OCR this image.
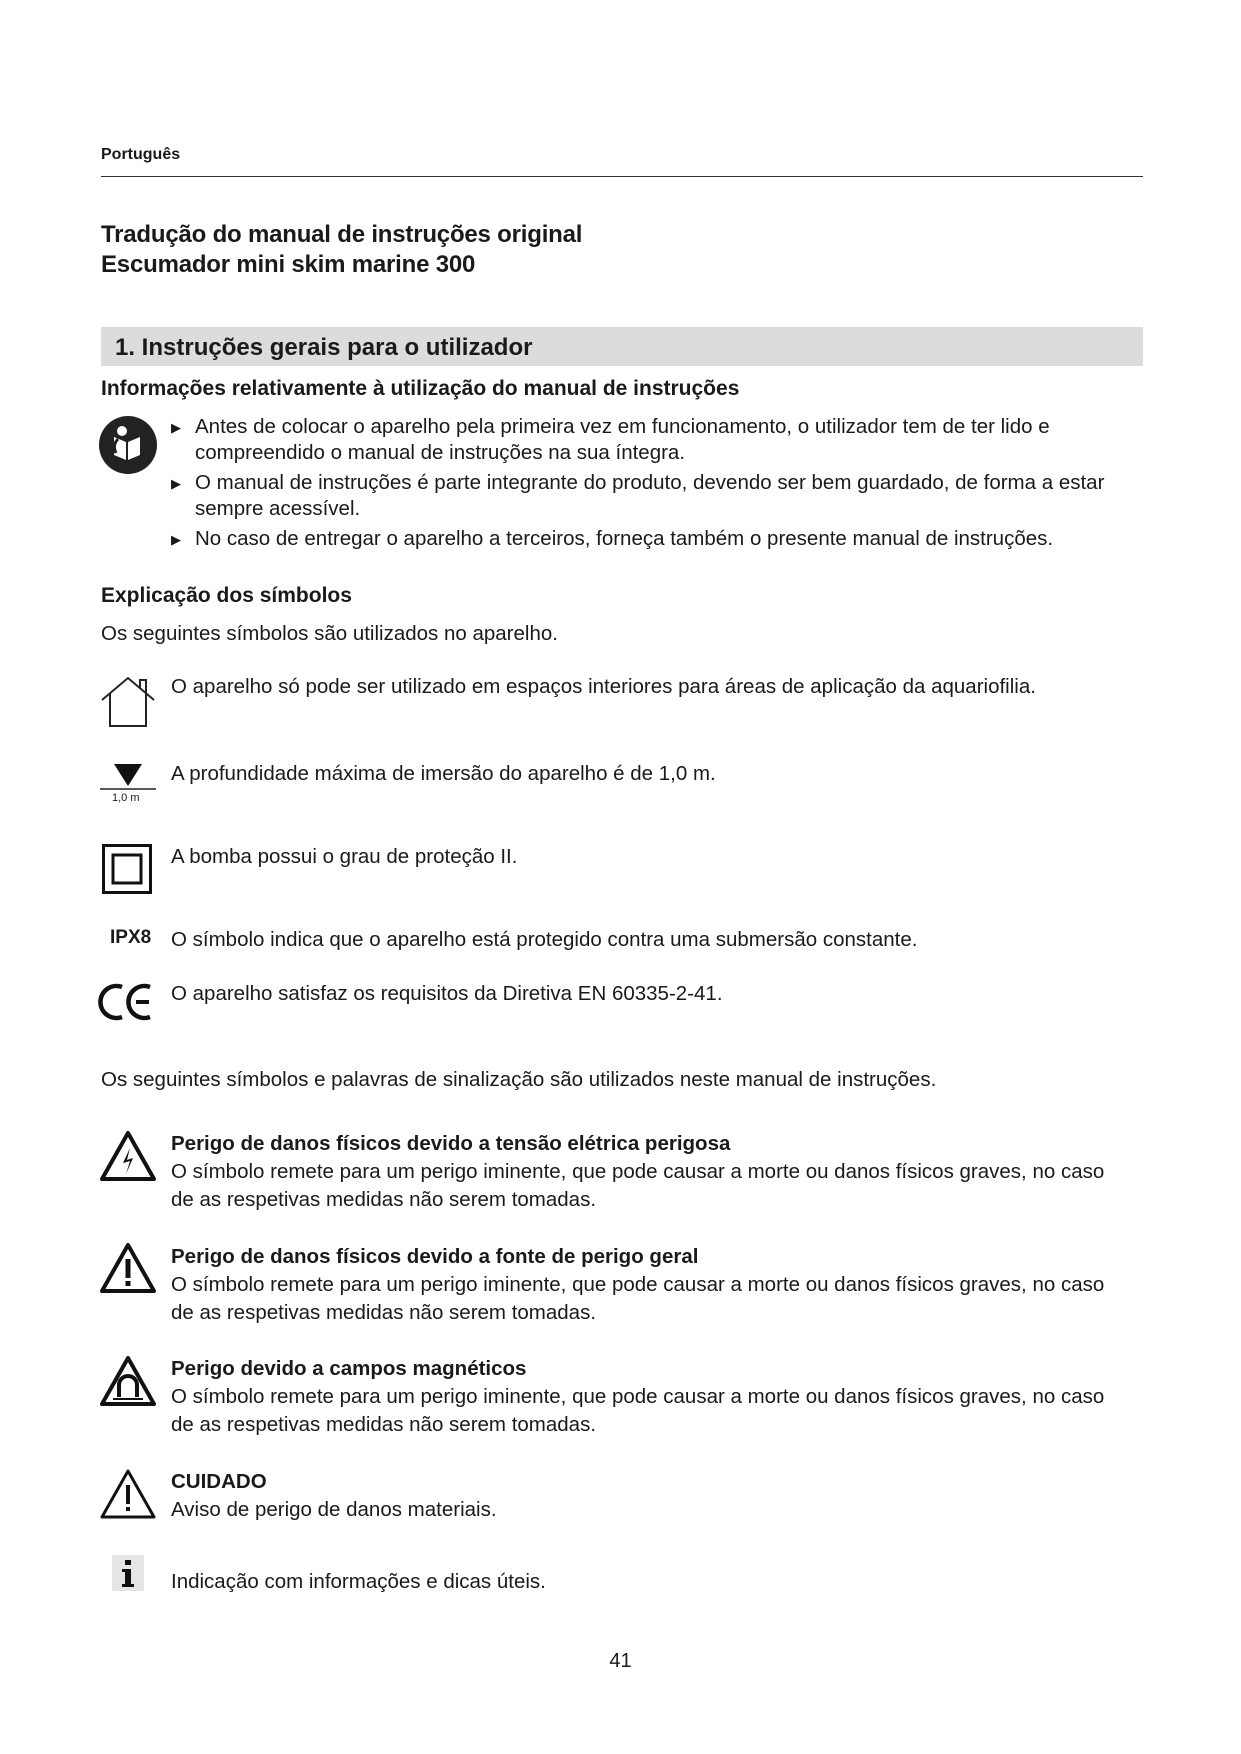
Português
Tradução do manual de instruções original
Escumador mini skim marine 300
1. Instruções gerais para o utilizador
Informações relativamente à utilização do manual de instruções
▶ Antes de colocar o aparelho pela primeira vez em funcionamento, o utilizador tem de ter lido e compreendido o manual de instruções na sua íntegra.
▶ O manual de instruções é parte integrante do produto, devendo ser bem guardado, de forma a estar sempre acessível.
▶ No caso de entregar o aparelho a terceiros, forneça também o presente manual de instruções.
Explicação dos símbolos
Os seguintes símbolos são utilizados no aparelho.
O aparelho só pode ser utilizado em espaços interiores para áreas de aplicação da aquariofilia.
1,0 m
A profundidade máxima de imersão do aparelho é de 1,0 m.
A bomba possui o grau de proteção II.
IPX8 O símbolo indica que o aparelho está protegido contra uma submersão constante.
O aparelho satisfaz os requisitos da Diretiva EN 60335-2-41.
Os seguintes símbolos e palavras de sinalização são utilizados neste manual de instruções.
Perigo de danos físicos devido a tensão elétrica perigosa
O símbolo remete para um perigo iminente, que pode causar a morte ou danos físicos graves, no caso de as respetivas medidas não serem tomadas.
Perigo de danos físicos devido a fonte de perigo geral
O símbolo remete para um perigo iminente, que pode causar a morte ou danos físicos graves, no caso de as respetivas medidas não serem tomadas.
Perigo devido a campos magnéticos
O símbolo remete para um perigo iminente, que pode causar a morte ou danos físicos graves, no caso de as respetivas medidas não serem tomadas.
CUIDADO
Aviso de perigo de danos materiais.
Indicação com informações e dicas úteis.
41
